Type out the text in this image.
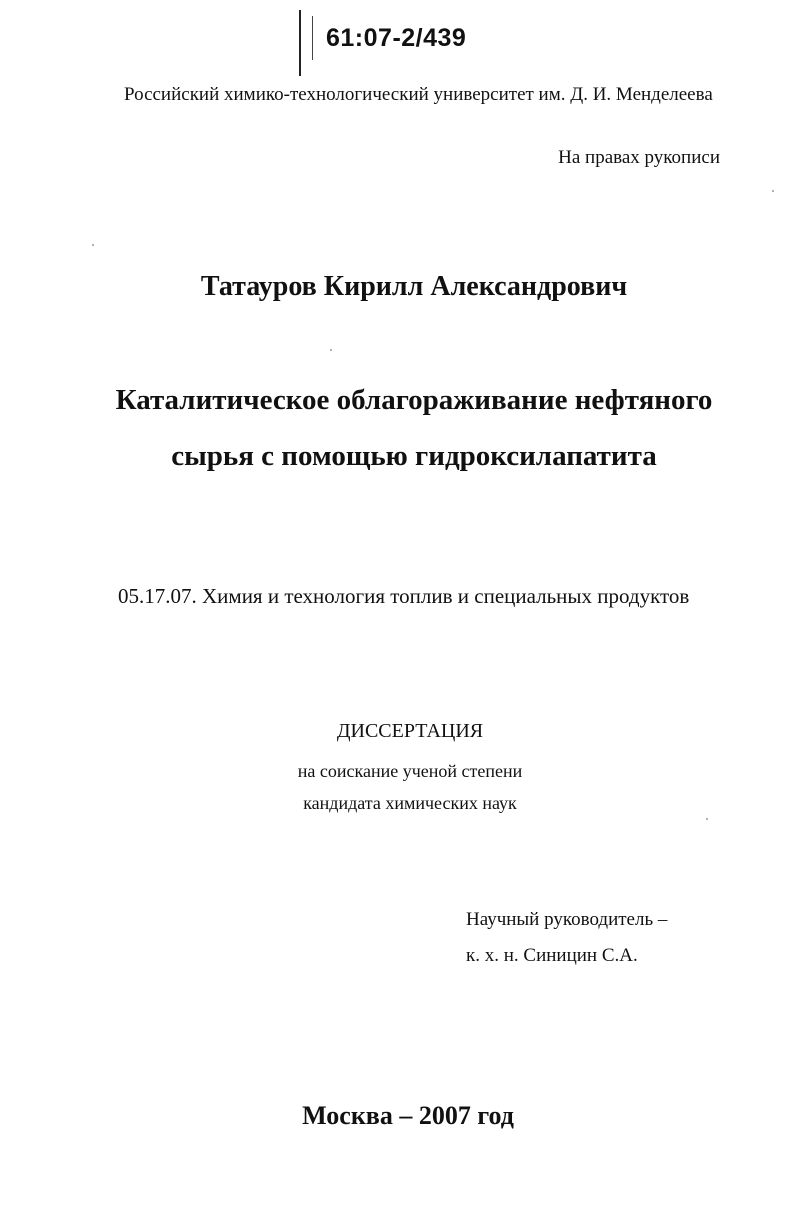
61:07-2/439
Российский химико-технологический университет им. Д. И. Менделеева
На правах рукописи
Татауров Кирилл Александрович
Каталитическое облагораживание нефтяного
сырья с помощью гидроксилапатита
05.17.07. Химия и технология топлив и специальных продуктов
ДИССЕРТАЦИЯ
на соискание ученой степени
кандидата химических наук
Научный руководитель –
к. х. н. Синицин С.А.
Москва – 2007 год
